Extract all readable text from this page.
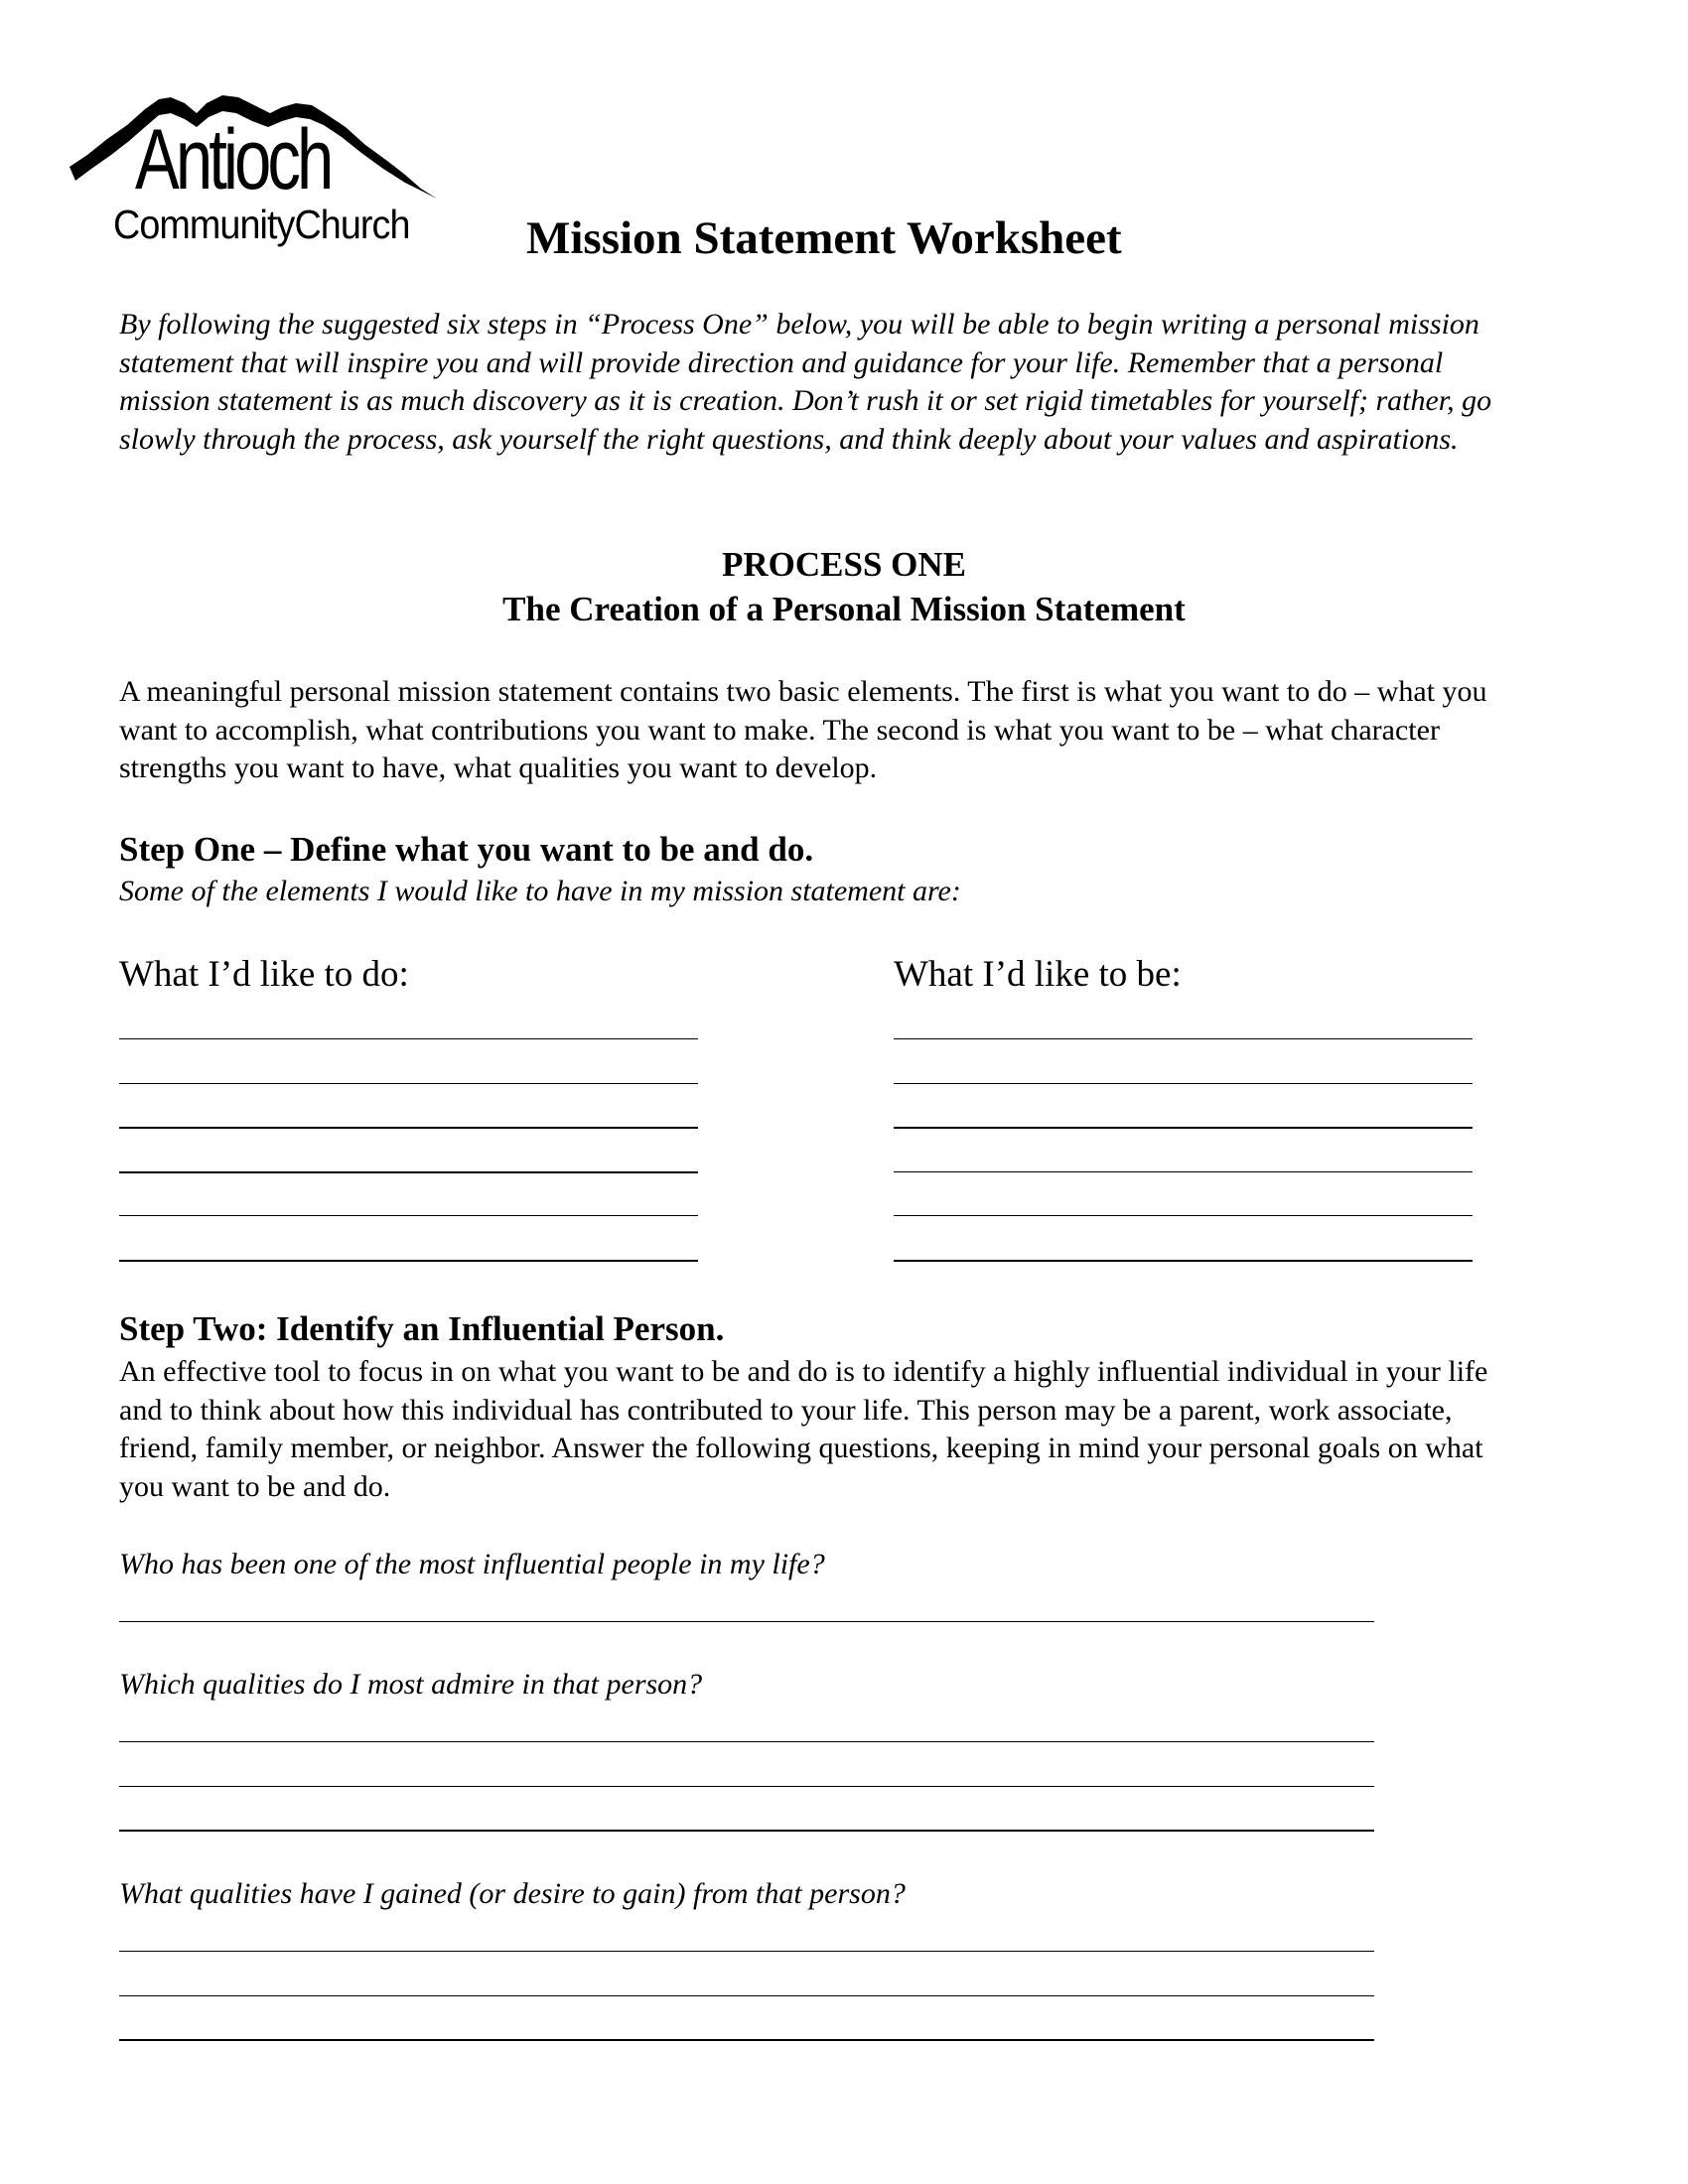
Antioch
CommunityChurch Mission Statement Worksheet

By following the suggested six steps in “Process One” below, you will be able to begin writing a personal mission statement that will inspire you and will provide direction and guidance for your life. Remember that a personal mission statement is as much discovery as it is creation. Don’t rush it or set rigid timetables for yourself; rather, go slowly through the process, ask yourself the right questions, and think deeply about your values and aspirations.

PROCESS ONE
The Creation of a Personal Mission Statement

A meaningful personal mission statement contains two basic elements. The first is what you want to do – what you want to accomplish, what contributions you want to make. The second is what you want to be – what character strengths you want to have, what qualities you want to develop.

Step One – Define what you want to be and do.
Some of the elements I would like to have in my mission statement are:
What I’d like to do:	What I’d like to be:
Step Two: Identify an Influential Person.

An effective tool to focus in on what you want to be and do is to identify a highly influential individual in your life and to think about how this individual has contributed to your life. This person may be a parent, work associate, friend, family member, or neighbor. Answer the following questions, keeping in mind your personal goals on what you want to be and do.

Who has been one of the most influential people in my life?
Which qualities do I most admire in that person?
What qualities have I gained (or desire to gain) from that person?
